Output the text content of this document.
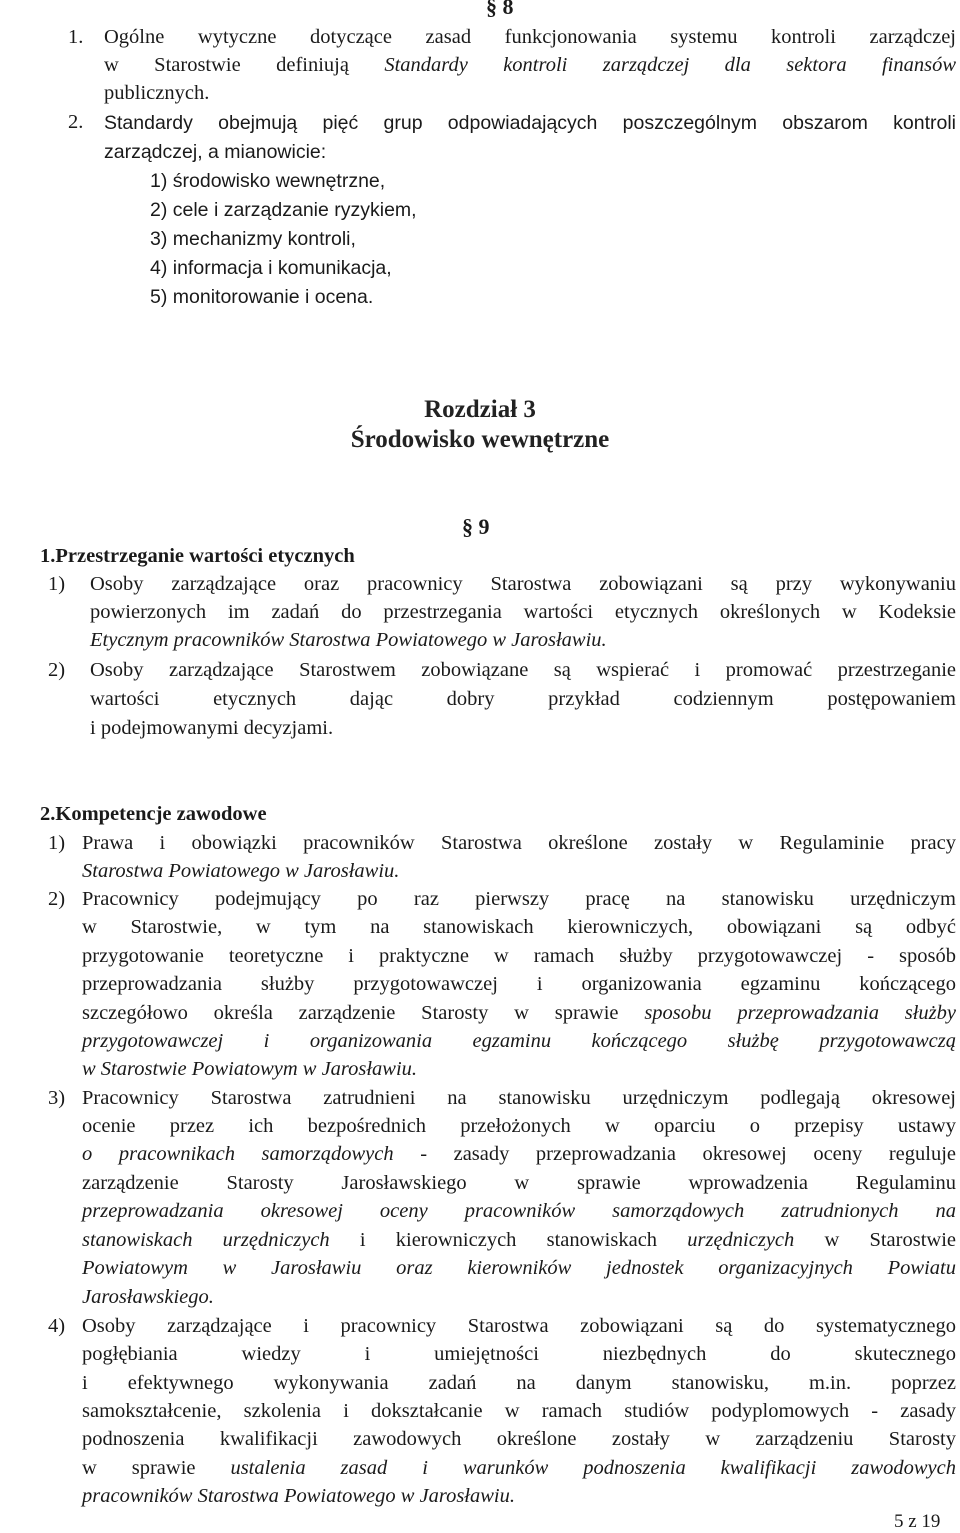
§ 8
1. Ogólne wytyczne dotyczące zasad funkcjonowania systemu kontroli zarządczej
w Starostwie definiują Standardy kontroli zarządczej dla sektora finansów
publicznych.
2. Standardy obejmują pięć grup odpowiadających poszczególnym obszarom kontroli
zarządczej, a mianowicie:
1) środowisko wewnętrzne,
2) cele i zarządzanie ryzykiem,
3) mechanizmy kontroli,
4) informacja i komunikacja,
5) monitorowanie i ocena.
Rozdział 3
Środowisko wewnętrzne
§ 9
1.Przestrzeganie wartości etycznych
1) Osoby zarządzające oraz pracownicy Starostwa zobowiązani są przy wykonywaniu
powierzonych im zadań do przestrzegania wartości etycznych określonych w Kodeksie
Etycznym pracowników Starostwa Powiatowego w Jarosławiu.
2) Osoby zarządzające Starostwem zobowiązane są wspierać i promować przestrzeganie
wartości etycznych dając dobry przykład codziennym postępowaniem
i podejmowanymi decyzjami.
2.Kompetencje zawodowe
1) Prawa i obowiązki pracowników Starostwa określone zostały w Regulaminie pracy
Starostwa Powiatowego w Jarosławiu.
2) Pracownicy podejmujący po raz pierwszy pracę na stanowisku urzędniczym
w Starostwie, w tym na stanowiskach kierowniczych, obowiązani są odbyć
przygotowanie teoretyczne i praktyczne w ramach służby przygotowawczej - sposób
przeprowadzania służby przygotowawczej i organizowania egzaminu kończącego
szczegółowo określa zarządzenie Starosty w sprawie sposobu przeprowadzania służby
przygotowawczej i organizowania egzaminu kończącego służbę przygotowawczą
w Starostwie Powiatowym w Jarosławiu.
3) Pracownicy Starostwa zatrudnieni na stanowisku urzędniczym podlegają okresowej
ocenie przez ich bezpośrednich przełożonych w oparciu o przepisy ustawy
o pracownikach samorządowych - zasady przeprowadzania okresowej oceny reguluje
zarządzenie Starosty Jarosławskiego w sprawie wprowadzenia Regulaminu
przeprowadzania okresowej oceny pracowników samorządowych zatrudnionych na
stanowiskach urzędniczych i kierowniczych stanowiskach urzędniczych w Starostwie
Powiatowym w Jarosławiu oraz kierowników jednostek organizacyjnych Powiatu
Jarosławskiego.
4) Osoby zarządzające i pracownicy Starostwa zobowiązani są do systematycznego
pogłębiania wiedzy i umiejętności niezbędnych do skutecznego
i efektywnego wykonywania zadań na danym stanowisku, m.in. poprzez
samokształcenie, szkolenia i dokształcanie w ramach studiów podyplomowych - zasady
podnoszenia kwalifikacji zawodowych określone zostały w zarządzeniu Starosty
w sprawie ustalenia zasad i warunków podnoszenia kwalifikacji zawodowych
pracowników Starostwa Powiatowego w Jarosławiu.
5 z 19
